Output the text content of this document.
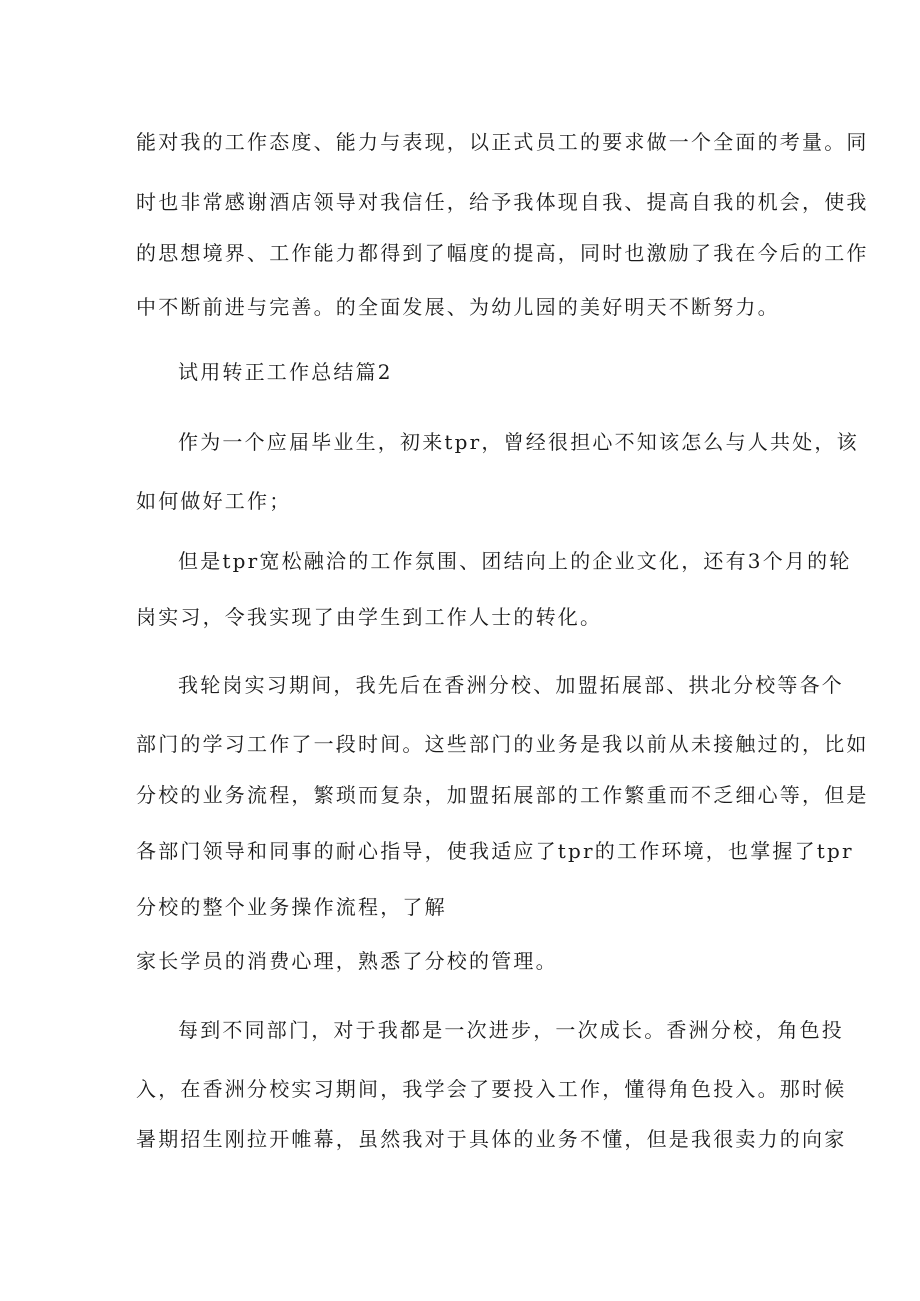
能对我的工作态度、能力与表现，以正式员工的要求做一个全面的考量。同
时也非常感谢酒店领导对我信任，给予我体现自我、提高自我的机会，使我
的思想境界、工作能力都得到了幅度的提高，同时也激励了我在今后的工作
中不断前进与完善。的全面发展、为幼儿园的美好明天不断努力。
试用转正工作总结篇2
作为一个应届毕业生，初来tpr，曾经很担心不知该怎么与人共处，该
如何做好工作；
但是tpr宽松融洽的工作氛围、团结向上的企业文化，还有3个月的轮
岗实习，令我实现了由学生到工作人士的转化。
我轮岗实习期间，我先后在香洲分校、加盟拓展部、拱北分校等各个
部门的学习工作了一段时间。这些部门的业务是我以前从未接触过的，比如
分校的业务流程，繁琐而复杂，加盟拓展部的工作繁重而不乏细心等，但是
各部门领导和同事的耐心指导，使我适应了tpr的工作环境，也掌握了tpr
分校的整个业务操作流程，了解
家长学员的消费心理，熟悉了分校的管理。
每到不同部门，对于我都是一次进步，一次成长。香洲分校，角色投
入，在香洲分校实习期间，我学会了要投入工作，懂得角色投入。那时候
暑期招生刚拉开帷幕，虽然我对于具体的业务不懂，但是我很卖力的向家
